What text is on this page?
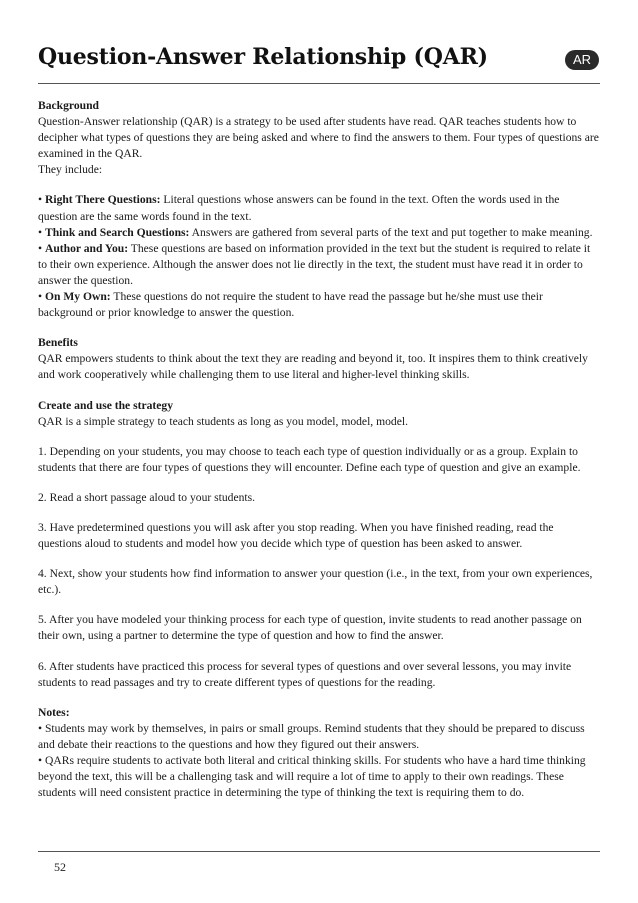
Question-Answer Relationship (QAR)	AR

Background
Question-Answer relationship (QAR) is a strategy to be used after students have read. QAR teaches students how to decipher what types of questions they are being asked and where to find the answers to them. Four types of questions are examined in the QAR.
They include:

• Right There Questions: Literal questions whose answers can be found in the text. Often the words used in the question are the same words found in the text.
• Think and Search Questions: Answers are gathered from several parts of the text and put together to make meaning.
• Author and You: These questions are based on information provided in the text but the student is required to relate it to their own experience. Although the answer does not lie directly in the text, the student must have read it in order to answer the question.
• On My Own: These questions do not require the student to have read the passage but he/she must use their background or prior knowledge to answer the question.

Benefits
QAR empowers students to think about the text they are reading and beyond it, too. It inspires them to think creatively and work cooperatively while challenging them to use literal and higher-level thinking skills.

Create and use the strategy
QAR is a simple strategy to teach students as long as you model, model, model.

1. Depending on your students, you may choose to teach each type of question individually or as a group. Explain to students that there are four types of questions they will encounter. Define each type of question and give an example.

2. Read a short passage aloud to your students.

3. Have predetermined questions you will ask after you stop reading. When you have finished reading, read the questions aloud to students and model how you decide which type of question has been asked to answer.

4. Next, show your students how find information to answer your question (i.e., in the text, from your own experiences, etc.).

5. After you have modeled your thinking process for each type of question, invite students to read another passage on their own, using a partner to determine the type of question and how to find the answer.

6. After students have practiced this process for several types of questions and over several lessons, you may invite students to read passages and try to create different types of questions for the reading.

Notes:
• Students may work by themselves, in pairs or small groups. Remind students that they should be prepared to discuss and debate their reactions to the questions and how they figured out their answers.
• QARs require students to activate both literal and critical thinking skills. For students who have a hard time thinking beyond the text, this will be a challenging task and will require a lot of time to apply to their own readings. These students will need consistent practice in determining the type of thinking the text is requiring them to do.

52
